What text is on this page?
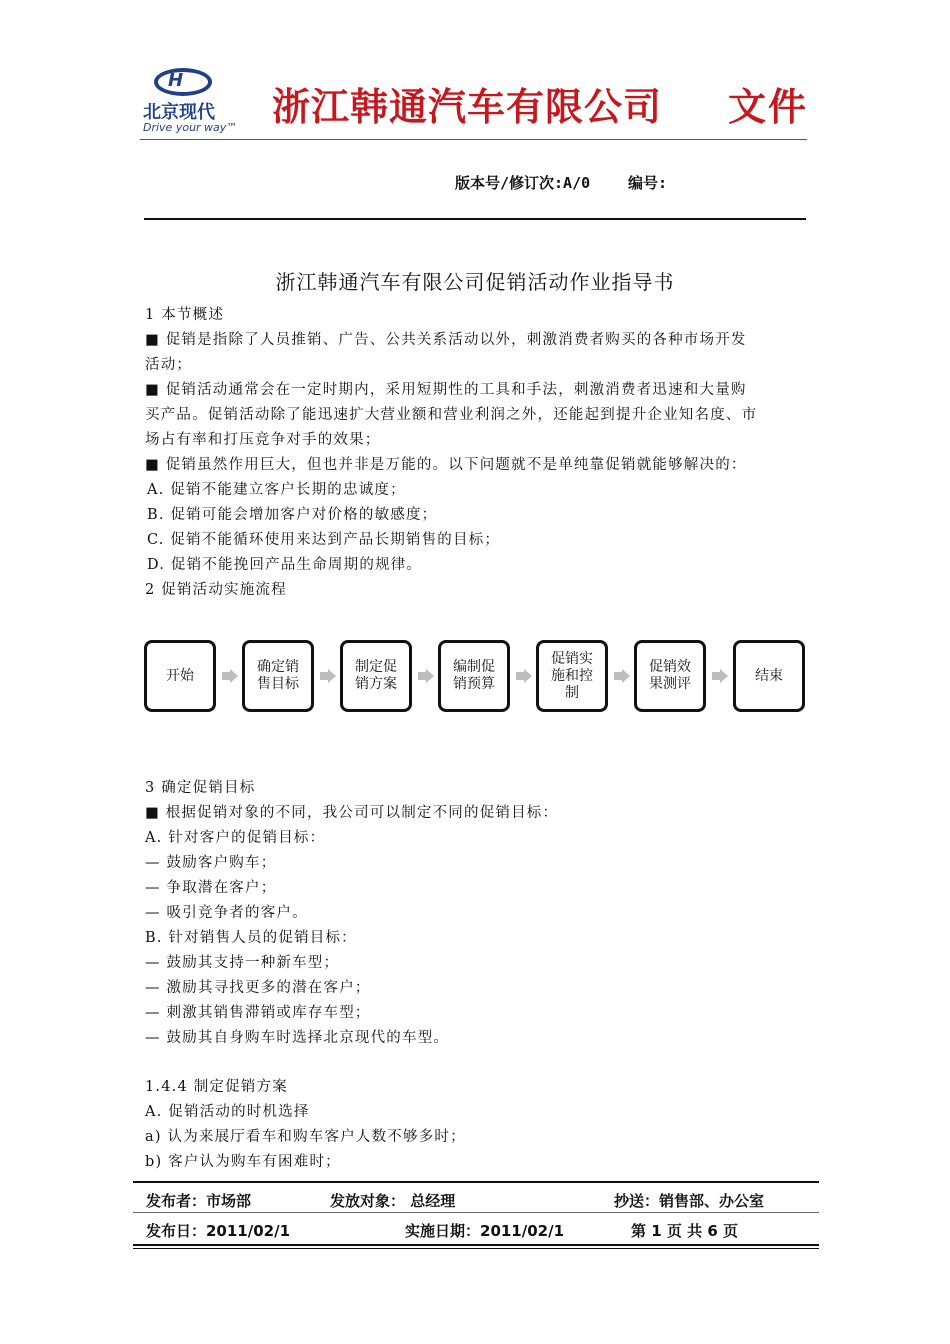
H
北京现代
Drive your way™ 浙江韩通汽车有限公司 文件
版本号/修订次:A/0	编号:
浙江韩通汽车有限公司促销活动作业指导书
1 本节概述
■ 促销是指除了人员推销、广告、公共关系活动以外，刺激消费者购买的各种市场开发
活动；
■ 促销活动通常会在一定时期内，采用短期性的工具和手法，刺激消费者迅速和大量购
买产品。促销活动除了能迅速扩大营业额和营业利润之外，还能起到提升企业知名度、市
场占有率和打压竞争对手的效果；
■ 促销虽然作用巨大，但也并非是万能的。以下问题就不是单纯靠促销就能够解决的：
A. 促销不能建立客户长期的忠诚度；
B. 促销可能会增加客户对价格的敏感度；
C. 促销不能循环使用来达到产品长期销售的目标；
D. 促销不能挽回产品生命周期的规律。
2 促销活动实施流程
开始
确定销售目标
制定促销方案
编制促销预算
促销实施和控制
促销效果测评
结束
3 确定促销目标
■ 根据促销对象的不同，我公司可以制定不同的促销目标：
A. 针对客户的促销目标：
— 鼓励客户购车；
— 争取潜在客户；
— 吸引竞争者的客户。
B. 针对销售人员的促销目标：
— 鼓励其支持一种新车型；
— 激励其寻找更多的潜在客户；
— 刺激其销售滞销或库存车型；
— 鼓励其自身购车时选择北京现代的车型。
1.4.4 制定促销方案
A. 促销活动的时机选择
a) 认为来展厅看车和购车客户人数不够多时；
b) 客户认为购车有困难时；
发布者：市场部	发放对象： 总经理	抄送：销售部、办公室
发布日：2011/02/1	实施日期：2011/02/1	第 1 页 共 6 页
